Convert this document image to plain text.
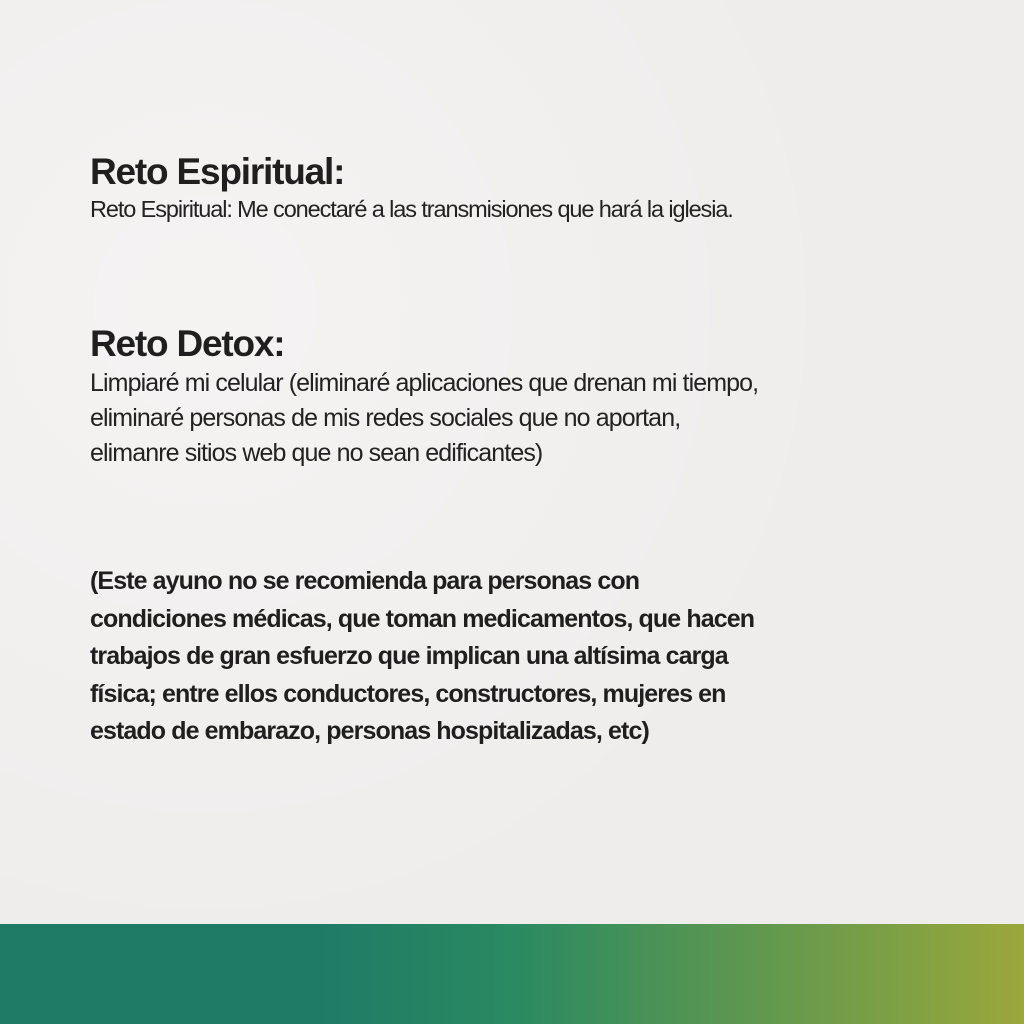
Reto Espiritual:

Reto Espiritual: Me conectaré a las transmisiones que hará la iglesia.

Reto Detox:

Limpiaré mi celular (eliminaré aplicaciones que drenan mi tiempo,
eliminaré personas de mis redes sociales que no aportan,
elimanre sitios web que no sean edificantes)

(Este ayuno no se recomienda para personas con
condiciones médicas, que toman medicamentos, que hacen
trabajos de gran esfuerzo que implican una altísima carga
física; entre ellos conductores, constructores, mujeres en
estado de embarazo, personas hospitalizadas, etc)
